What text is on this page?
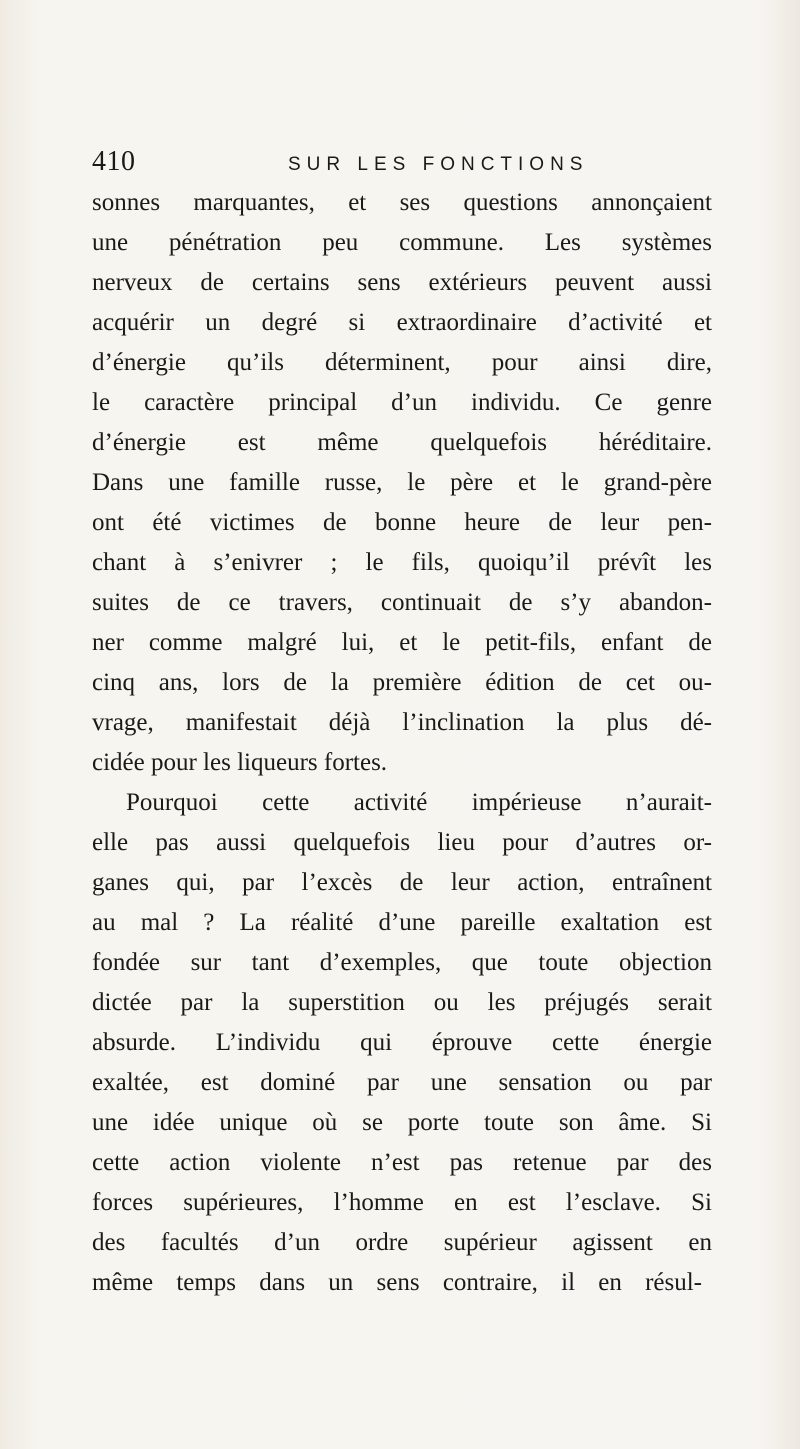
410	SUR LES FONCTIONS
sonnes marquantes, et ses questions annonçaient
une pénétration peu commune. Les systèmes
nerveux de certains sens extérieurs peuvent aussi
acquérir un degré si extraordinaire d’activité et
d’énergie qu’ils déterminent, pour ainsi dire,
le caractère principal d’un individu. Ce genre
d’énergie est même quelquefois héréditaire.
Dans une famille russe, le père et le grand-père
ont été victimes de bonne heure de leur pen-
chant à s’enivrer ; le fils, quoiqu’il prévît les
suites de ce travers, continuait de s’y abandon-
ner comme malgré lui, et le petit-fils, enfant de
cinq ans, lors de la première édition de cet ou-
vrage, manifestait déjà l’inclination la plus dé-
cidée pour les liqueurs fortes.
Pourquoi cette activité impérieuse n’aurait-
elle pas aussi quelquefois lieu pour d’autres or-
ganes qui, par l’excès de leur action, entraînent
au mal ? La réalité d’une pareille exaltation est
fondée sur tant d’exemples, que toute objection
dictée par la superstition ou les préjugés serait
absurde. L’individu qui éprouve cette énergie
exaltée, est dominé par une sensation ou par
une idée unique où se porte toute son âme. Si
cette action violente n’est pas retenue par des
forces supérieures, l’homme en est l’esclave. Si
des facultés d’un ordre supérieur agissent en
même temps dans un sens contraire, il en résul-
